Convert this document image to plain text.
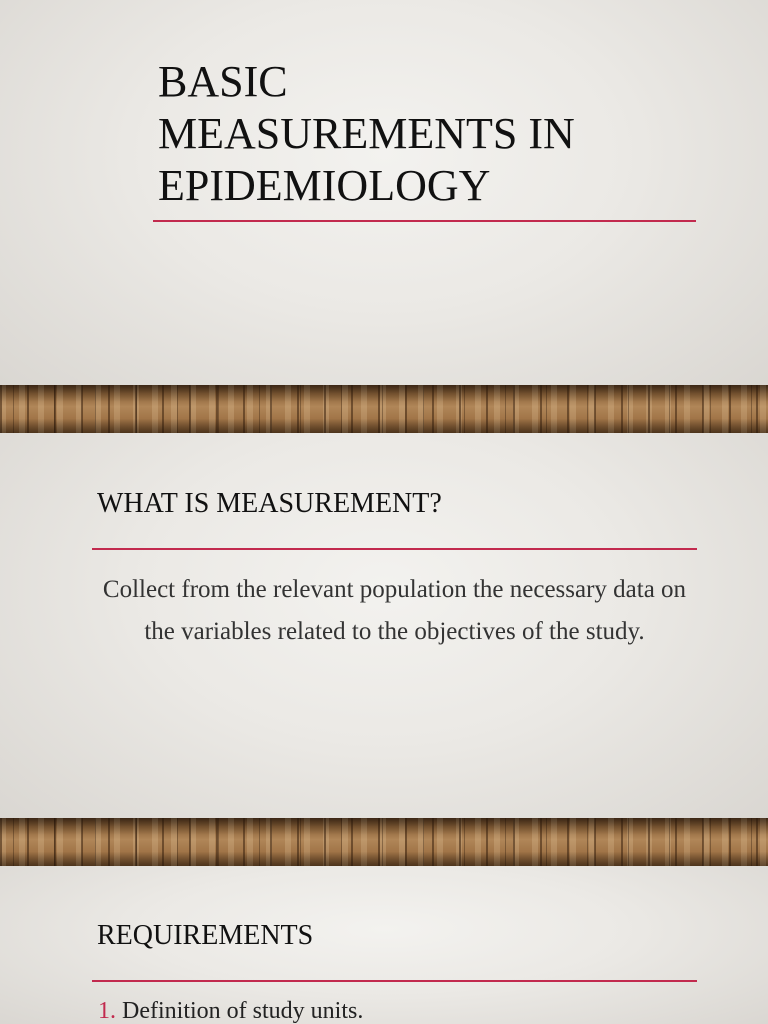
BASIC
MEASUREMENTS IN
EPIDEMIOLOGY
WHAT IS MEASUREMENT?

Collect from the relevant population the necessary data on the variables related to the objectives of the study.

REQUIREMENTS
1. Definition of study units.
